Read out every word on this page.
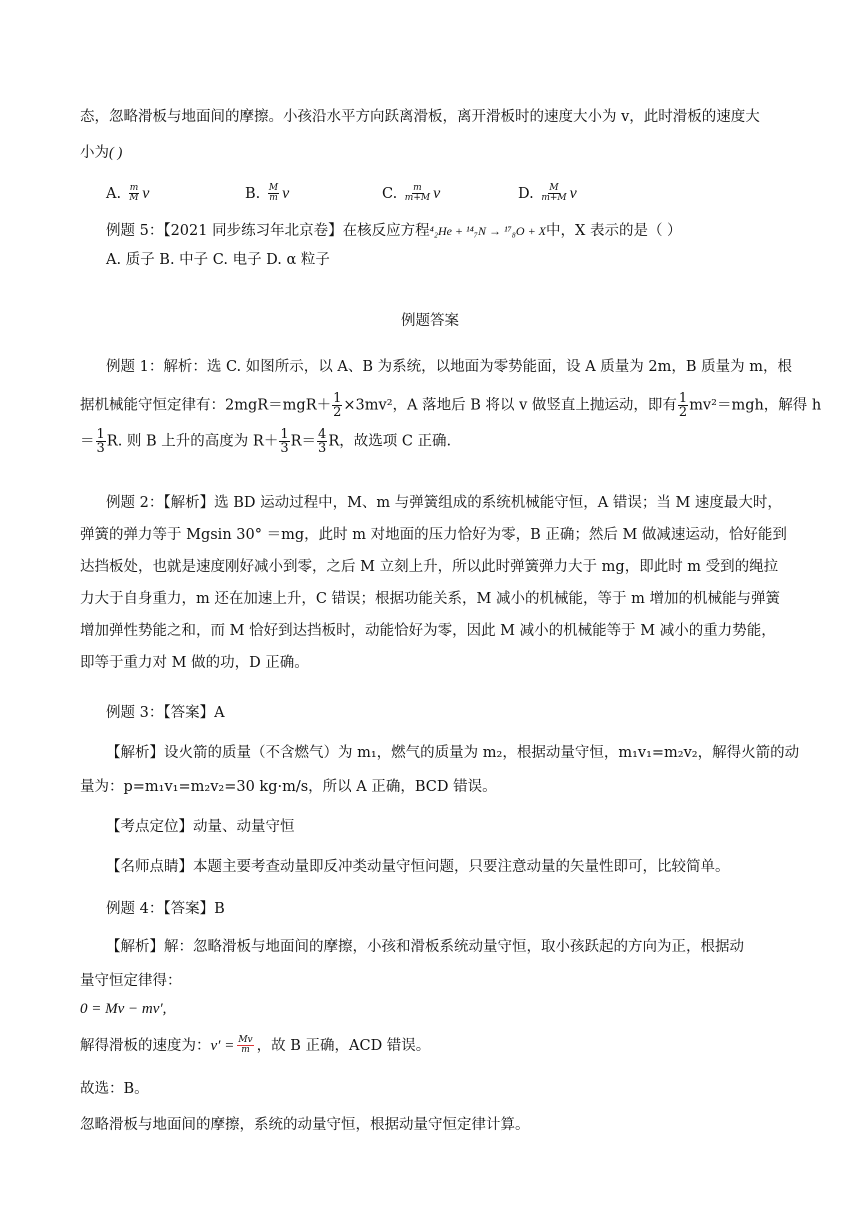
态，忽略滑板与地面间的摩擦。小孩沿水平方向跃离滑板，离开滑板时的速度大小为 v，此时滑板的速度大
小为( )
A. $\frac{m}{M}$ v	B. $\frac{M}{m}$ v	C. $\frac{m}{m+M}$ v	D. $\frac{M}{m+M}$ v
例题 5：【2021 同步练习年北京卷】在核反应方程⁴₂He + ¹⁴₇N → ¹⁷₈O + X中，X 表示的是（ ）
A. 质子 B. 中子 C. 电子 D. α 粒子
例题答案
例题 1：解析：选 C. 如图所示，以 A、B 为系统，以地面为零势能面，设 A 质量为 2m，B 质量为 m，根
据机械能守恒定律有：$2mgR=mgR+ \frac{1}{2} \times 3mv^2$，A 落地后 B 将以 v 做竖直上抛运动，即有 $\frac{1}{2} mv^2=mgh$，解得 h
＝ $\frac{1}{3} R$. 则 B 上升的高度为 $R+ \frac{1}{3} R= \frac{4}{3}$ R，故选项 C 正确.
例题 2：【解析】选 BD 运动过程中，M、m 与弹簧组成的系统机械能守恒，A 错误；当 M 速度最大时，
弹簧的弹力等于 Mgsin 30° ＝mg，此时 m 对地面的压力恰好为零，B 正确；然后 M 做减速运动，恰好能到
达挡板处，也就是速度刚好减小到零，之后 M 立刻上升，所以此时弹簧弹力大于 mg，即此时 m 受到的绳拉
力大于自身重力，m 还在加速上升，C 错误；根据功能关系，M 减小的机械能，等于 m 增加的机械能与弹簧
增加弹性势能之和，而 M 恰好到达挡板时，动能恰好为零，因此 M 减小的机械能等于 M 减小的重力势能，
即等于重力对 M 做的功，D 正确。
例题 3：【答案】A
【解析】设火箭的质量（不含燃气）为 m₁，燃气的质量为 m₂，根据动量守恒，m₁v₁=m₂v₂，解得火箭的动
量为：p=m₁v₁=m₂v₂=30 kg·m/s，所以 A 正确，BCD 错误。
【考点定位】动量、动量守恒
【名师点睛】本题主要考查动量即反冲类动量守恒问题，只要注意动量的矢量性即可，比较简单。
例题 4：【答案】B
【解析】解：忽略滑板与地面间的摩擦，小孩和滑板系统动量守恒，取小孩跃起的方向为正，根据动
量守恒定律得：
0 = Mv − mv′,
解得滑板的速度为：$v' = \frac{Mv}{m}$ ，故 B 正确，ACD 错误。
故选：B。
忽略滑板与地面间的摩擦，系统的动量守恒，根据动量守恒定律计算。
